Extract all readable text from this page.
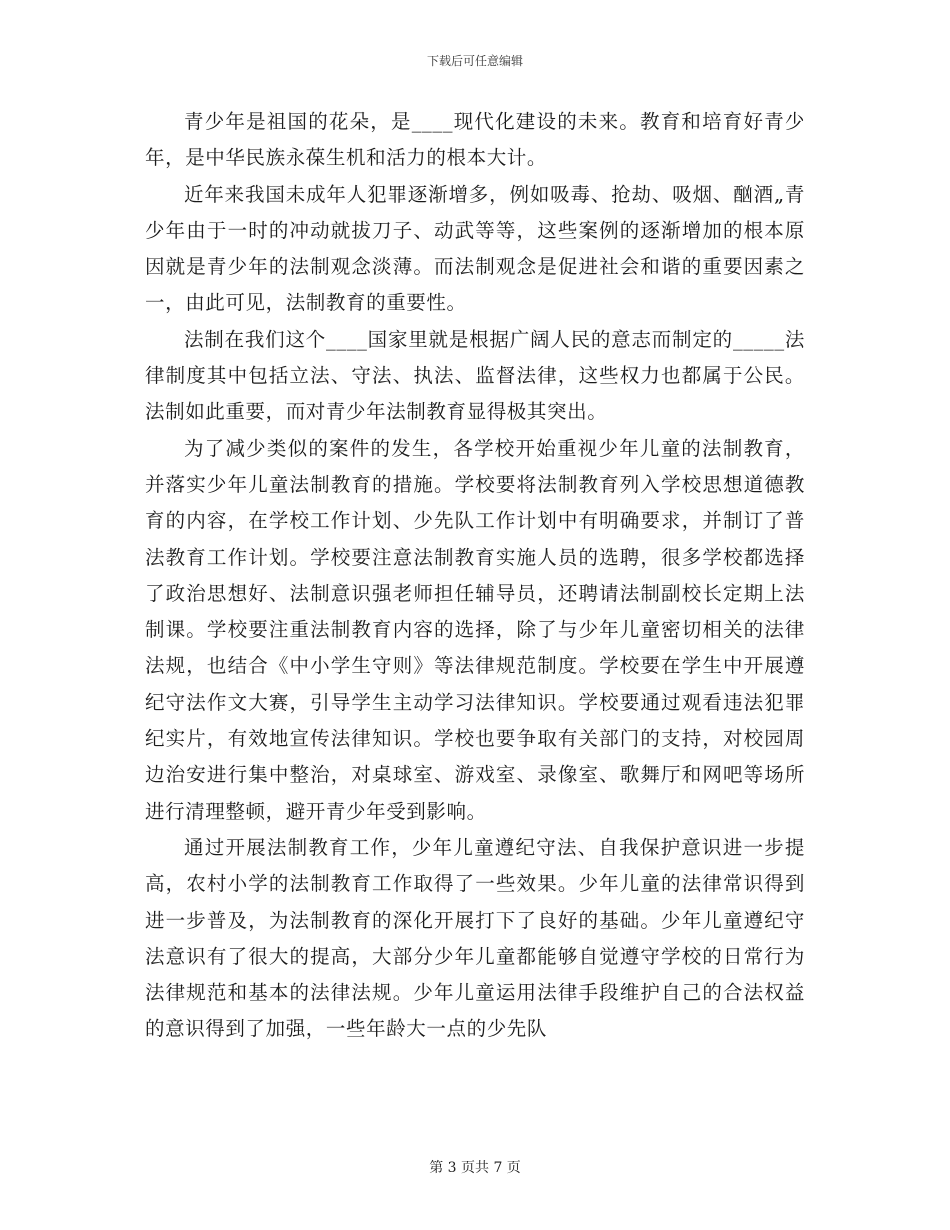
下载后可任意编辑

青少年是祖国的花朵，是____现代化建设的未来。教育和培育好青少年，是中华民族永葆生机和活力的根本大计。

近年来我国未成年人犯罪逐渐增多，例如吸毒、抢劫、吸烟、酗酒„青少年由于一时的冲动就拔刀子、动武等等，这些案例的逐渐增加的根本原因就是青少年的法制观念淡薄。而法制观念是促进社会和谐的重要因素之一，由此可见，法制教育的重要性。

法制在我们这个____国家里就是根据广阔人民的意志而制定的_____法律制度其中包括立法、守法、执法、监督法律，这些权力也都属于公民。法制如此重要，而对青少年法制教育显得极其突出。

为了减少类似的案件的发生，各学校开始重视少年儿童的法制教育，并落实少年儿童法制教育的措施。学校要将法制教育列入学校思想道德教育的内容，在学校工作计划、少先队工作计划中有明确要求，并制订了普法教育工作计划。学校要注意法制教育实施人员的选聘，很多学校都选择了政治思想好、法制意识强老师担任辅导员，还聘请法制副校长定期上法制课。学校要注重法制教育内容的选择，除了与少年儿童密切相关的法律法规，也结合《中小学生守则》等法律规范制度。学校要在学生中开展遵纪守法作文大赛，引导学生主动学习法律知识。学校要通过观看违法犯罪纪实片，有效地宣传法律知识。学校也要争取有关部门的支持，对校园周边治安进行集中整治，对桌球室、游戏室、录像室、歌舞厅和网吧等场所进行清理整顿，避开青少年受到影响。

通过开展法制教育工作，少年儿童遵纪守法、自我保护意识进一步提高，农村小学的法制教育工作取得了一些效果。少年儿童的法律常识得到进一步普及，为法制教育的深化开展打下了良好的基础。少年儿童遵纪守法意识有了很大的提高，大部分少年儿童都能够自觉遵守学校的日常行为法律规范和基本的法律法规。少年儿童运用法律手段维护自己的合法权益的意识得到了加强，一些年龄大一点的少先队

第 3 页共 7 页
